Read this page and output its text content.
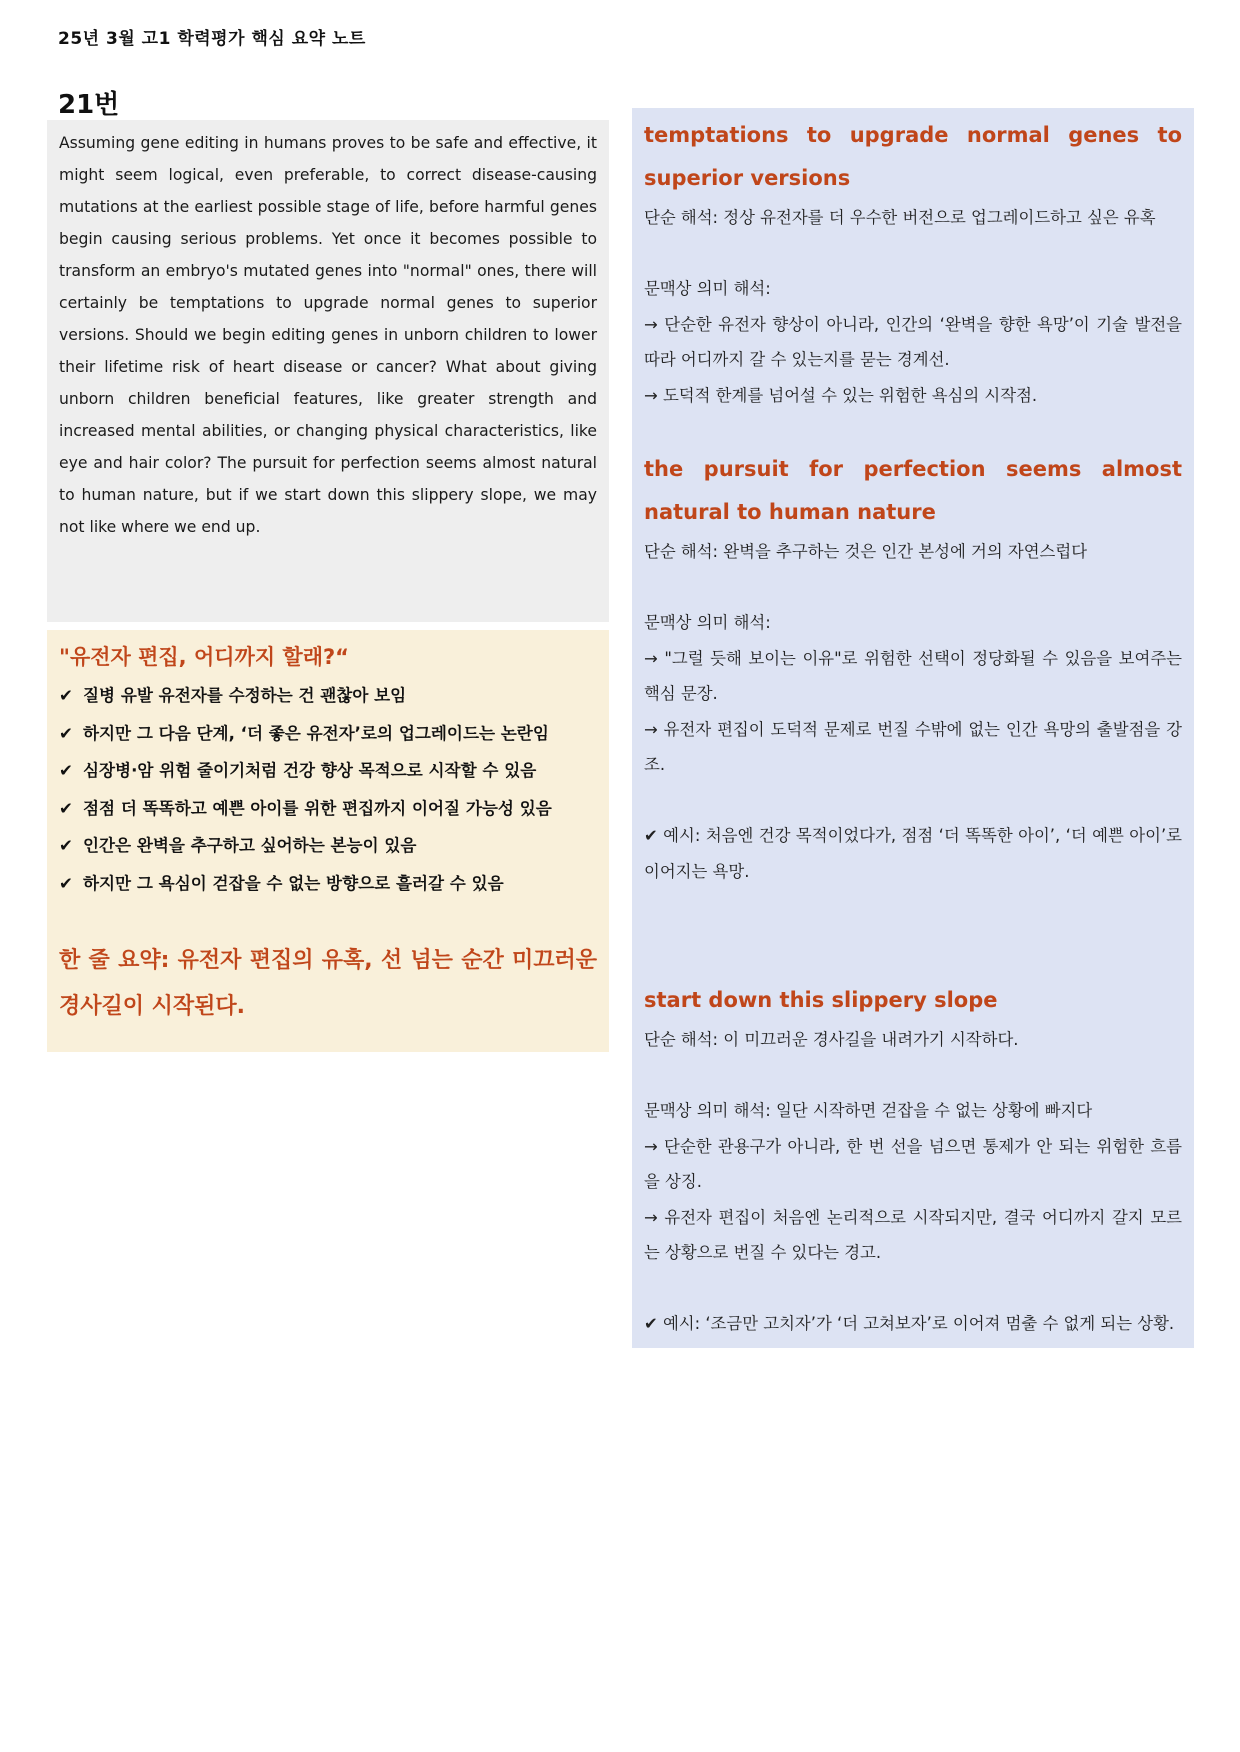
25년 3월 고1 학력평가 핵심 요약 노트
21번

Assuming gene editing in humans proves to be safe and effective, it might seem logical, even preferable, to correct disease-causing mutations at the earliest possible stage of life, before harmful genes begin causing serious problems. Yet once it becomes possible to transform an embryo's mutated genes into "normal" ones, there will certainly be temptations to upgrade normal genes to superior versions. Should we begin editing genes in unborn children to lower their lifetime risk of heart disease or cancer? What about giving unborn children beneficial features, like greater strength and increased mental abilities, or changing physical characteristics, like eye and hair color? The pursuit for perfection seems almost natural to human nature, but if we start down this slippery slope, we may not like where we end up.

"유전자 편집, 어디까지 할래?“
✔ 질병 유발 유전자를 수정하는 건 괜찮아 보임
✔ 하지만 그 다음 단계, ‘더 좋은 유전자’로의 업그레이드는 논란임
✔ 심장병·암 위험 줄이기처럼 건강 향상 목적으로 시작할 수 있음
✔ 점점 더 똑똑하고 예쁜 아이를 위한 편집까지 이어질 가능성 있음
✔ 인간은 완벽을 추구하고 싶어하는 본능이 있음
✔ 하지만 그 욕심이 걷잡을 수 없는 방향으로 흘러갈 수 있음
한 줄 요약: 유전자 편집의 유혹, 선 넘는 순간 미끄러운 경사길이 시작된다.
temptations to upgrade normal genes to superior versions
단순 해석: 정상 유전자를 더 우수한 버전으로 업그레이드하고 싶은 유혹
문맥상 의미 해석:
→ 단순한 유전자 향상이 아니라, 인간의 ‘완벽을 향한 욕망’이 기술 발전을 따라 어디까지 갈 수 있는지를 묻는 경계선.
→ 도덕적 한계를 넘어설 수 있는 위험한 욕심의 시작점.
the pursuit for perfection seems almost natural to human nature
단순 해석: 완벽을 추구하는 것은 인간 본성에 거의 자연스럽다
문맥상 의미 해석:
→ "그럴 듯해 보이는 이유"로 위험한 선택이 정당화될 수 있음을 보여주는 핵심 문장.
→ 유전자 편집이 도덕적 문제로 번질 수밖에 없는 인간 욕망의 출발점을 강조.
✔ 예시: 처음엔 건강 목적이었다가, 점점 ‘더 똑똑한 아이’, ‘더 예쁜 아이’로 이어지는 욕망.
start down this slippery slope
단순 해석: 이 미끄러운 경사길을 내려가기 시작하다.
문맥상 의미 해석: 일단 시작하면 걷잡을 수 없는 상황에 빠지다
→ 단순한 관용구가 아니라, 한 번 선을 넘으면 통제가 안 되는 위험한 흐름을 상징.
→ 유전자 편집이 처음엔 논리적으로 시작되지만, 결국 어디까지 갈지 모르는 상황으로 번질 수 있다는 경고.
✔ 예시: ‘조금만 고치자’가 ‘더 고쳐보자’로 이어져 멈출 수 없게 되는 상황.
